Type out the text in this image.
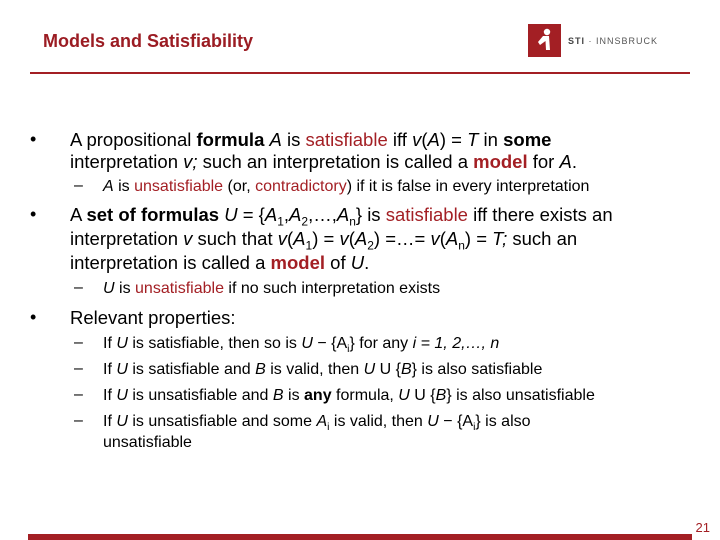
Models and Satisfiability	STI · INNSBRUCK
• A propositional formula A is satisfiable iff v(A) = T in some
interpretation v; such an interpretation is called a model for A.
– A is unsatisfiable (or, contradictory) if it is false in every interpretation
• A set of formulas $U = \{A_1,A_2,\dots,A_n\}$ is satisfiable iff there exists an
interpretation v such that $v(A_1) = v(A_2)$ =…= $v(A_n) = T$; such an
interpretation is called a model of U.
– U is unsatisfiable if no such interpretation exists
• Relevant properties:
– If U is satisfiable, then so is $U - \{A_i\}$ for any i = 1, 2,…, n
– If U is satisfiable and B is valid, then U U {B} is also satisfiable
– If U is unsatisfiable and B is any formula, U U {B} is also unsatisfiable
– If U is unsatisfiable and some $A_i$ is valid, then $U - \{A_i\}$ is also
unsatisfiable
21
